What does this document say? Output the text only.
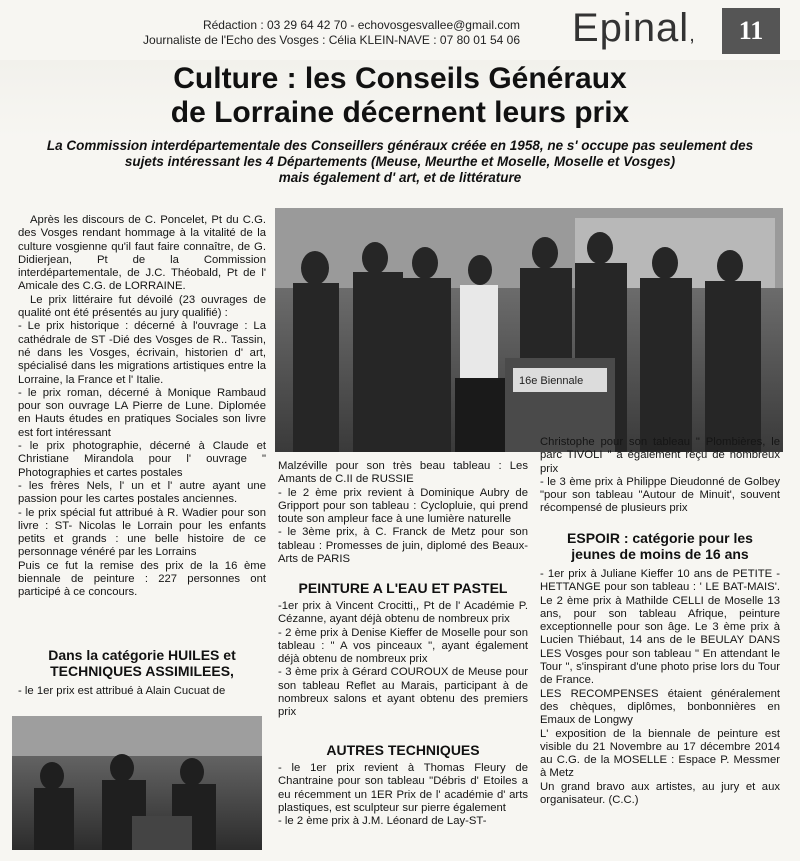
Rédaction : 03 29 64 42 70 - echovosgesvallee@gmail.com
Journaliste de l'Echo des Vosges : Célia KLEIN-NAVE : 07 80 01 54 06 Epinal,	11
Culture : les Conseils Généraux
de Lorraine décernent leurs prix
La Commission interdépartementale des Conseillers généraux créée en 1958, ne s' occupe pas seulement des
sujets intéressant les 4 Départements (Meuse, Meurthe et Moselle, Moselle et Vosges)
mais également d' art, et de littérature
16e Biennale

Après les discours de C. Poncelet, Pt du C.G. des Vosges rendant hommage à la vitalité de la culture vosgienne qu'il faut faire connaître, de G. Didierjean, Pt de la Commission interdépartementale, de J.C. Théobald, Pt de l' Amicale des C.G. de LORRAINE.

Le prix littéraire fut dévoilé (23 ouvrages de qualité ont été présentés au jury qualifié) :

- Le prix historique : décerné à l'ouvrage : La cathédrale de ST -Dié des Vosges de R.. Tassin, né dans les Vosges, écrivain, historien d' art, spécialisé dans les migrations artistiques entre la Lorraine, la France et l' Italie.

- le prix roman, décerné à Monique Rambaud pour son ouvrage LA Pierre de Lune. Diplomée en Hauts études en pratiques Sociales son livre est fort intéressant

- le prix photographie, décerné à Claude et Christiane Mirandola pour l' ouvrage " Photographies et cartes postales

- les frères Nels, l' un et l' autre ayant une passion pour les cartes postales anciennes.

- le prix spécial fut attribué à R. Wadier pour son livre : ST- Nicolas le Lorrain pour les enfants petits et grands : une belle histoire de ce personnage vénéré par les Lorrains

Puis ce fut la remise des prix de la 16 ème biennale de peinture : 227 personnes ont participé à ce concours.

Dans la catégorie HUILES et
TECHNIQUES ASSIMILEES,

- le 1er prix est attribué à Alain Cucuat de

Malzéville pour son très beau tableau : Les Amants de C.II de RUSSIE

- le 2 ème prix revient à Dominique Aubry de Gripport pour son tableau : Cyclopluie, qui prend toute son ampleur face à une lumière naturelle

- le 3ème prix, à C. Franck de Metz pour son tableau : Promesses de juin, diplomé des Beaux-Arts de PARIS

PEINTURE A L'EAU ET PASTEL

-1er prix à Vincent Crocitti,, Pt de l' Académie P. Cézanne, ayant déjà obtenu de nombreux prix

- 2 ème prix à Denise Kieffer de Moselle pour son tableau : " A vos pinceaux ", ayant également déjà obtenu de nombreux prix

- 3 ème prix à Gérard COUROUX de Meuse pour son tableau Reflet au Marais, participant à de nombreux salons et ayant obtenu des premiers prix

AUTRES TECHNIQUES

- le 1er prix revient à Thomas Fleury de Chantraine pour son tableau "Débris d' Etoiles a eu récemment un 1ER Prix de l' académie d' arts plastiques, est sculpteur sur pierre également

- le 2 ème prix à J.M. Léonard de Lay-ST-

Christophe pour son tableau " Plombières, le parc TIVOLI " a également reçu de nombreux prix

- le 3 ème prix à Philippe Dieudonné de Golbey "pour son tableau "Autour de Minuit', souvent récompensé de plusieurs prix

ESPOIR : catégorie pour les
jeunes de moins de 16 ans

- 1er prix à Juliane Kieffer 10 ans de PETITE - HETTANGE pour son tableau : ' LE BAT-MAIS'. Le 2 ème prix à Mathilde CELLI de Moselle 13 ans, pour son tableau Afrique, peinture exceptionnelle pour son âge. Le 3 ème prix à Lucien Thiébaut, 14 ans de le BEULAY DANS LES Vosges pour son tableau " En attendant le Tour ", s'inspirant d'une photo prise lors du Tour de France.

LES RECOMPENSES étaient généralement des chèques, diplômes, bonbonnières en Emaux de Longwy

L' exposition de la biennale de peinture est visible du 21 Novembre au 17 décembre 2014 au C.G. de la MOSELLE : Espace P. Messmer à Metz

Un grand bravo aux artistes, au jury et aux organisateur. (C.C.)
